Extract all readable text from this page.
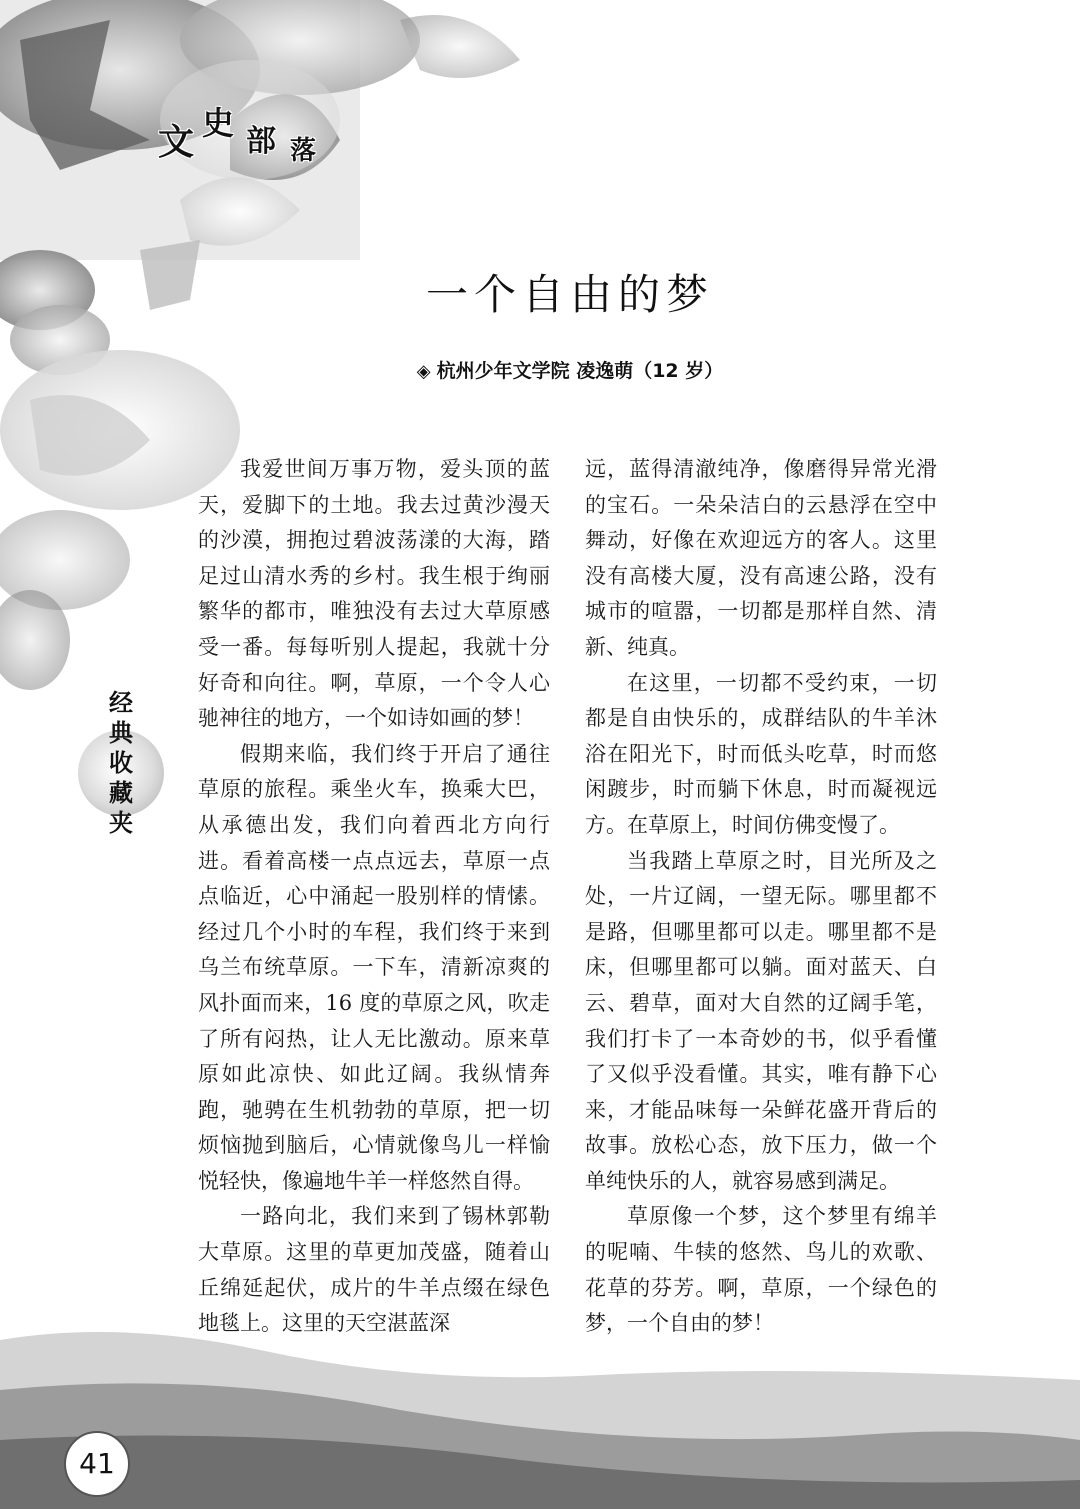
文 史 部 落
一个自由的梦
◈ 杭州少年文学院 凌逸萌（12 岁）

我爱世间万事万物，爱头顶的蓝天，爱脚下的土地。我去过黄沙漫天的沙漠，拥抱过碧波荡漾的大海，踏足过山清水秀的乡村。我生根于绚丽繁华的都市，唯独没有去过大草原感受一番。每每听别人提起，我就十分好奇和向往。啊，草原，一个令人心驰神往的地方，一个如诗如画的梦！

假期来临，我们终于开启了通往草原的旅程。乘坐火车，换乘大巴，从承德出发，我们向着西北方向行进。看着高楼一点点远去，草原一点点临近，心中涌起一股别样的情愫。经过几个小时的车程，我们终于来到乌兰布统草原。一下车，清新凉爽的风扑面而来，16 度的草原之风，吹走了所有闷热，让人无比激动。原来草原如此凉快、如此辽阔。我纵情奔跑，驰骋在生机勃勃的草原，把一切烦恼抛到脑后，心情就像鸟儿一样愉悦轻快，像遍地牛羊一样悠然自得。

一路向北，我们来到了锡林郭勒大草原。这里的草更加茂盛，随着山丘绵延起伏，成片的牛羊点缀在绿色地毯上。这里的天空湛蓝深

远，蓝得清澈纯净，像磨得异常光滑的宝石。一朵朵洁白的云悬浮在空中舞动，好像在欢迎远方的客人。这里没有高楼大厦，没有高速公路，没有城市的喧嚣，一切都是那样自然、清新、纯真。

在这里，一切都不受约束，一切都是自由快乐的，成群结队的牛羊沐浴在阳光下，时而低头吃草，时而悠闲踱步，时而躺下休息，时而凝视远方。在草原上，时间仿佛变慢了。

当我踏上草原之时，目光所及之处，一片辽阔，一望无际。哪里都不是路，但哪里都可以走。哪里都不是床，但哪里都可以躺。面对蓝天、白云、碧草，面对大自然的辽阔手笔，我们打卡了一本奇妙的书，似乎看懂了又似乎没看懂。其实，唯有静下心来，才能品味每一朵鲜花盛开背后的故事。放松心态，放下压力，做一个单纯快乐的人，就容易感到满足。

草原像一个梦，这个梦里有绵羊的呢喃、牛犊的悠然、鸟儿的欢歌、花草的芬芳。啊，草原，一个绿色的梦，一个自由的梦！

经
典
收
藏
夹
41
